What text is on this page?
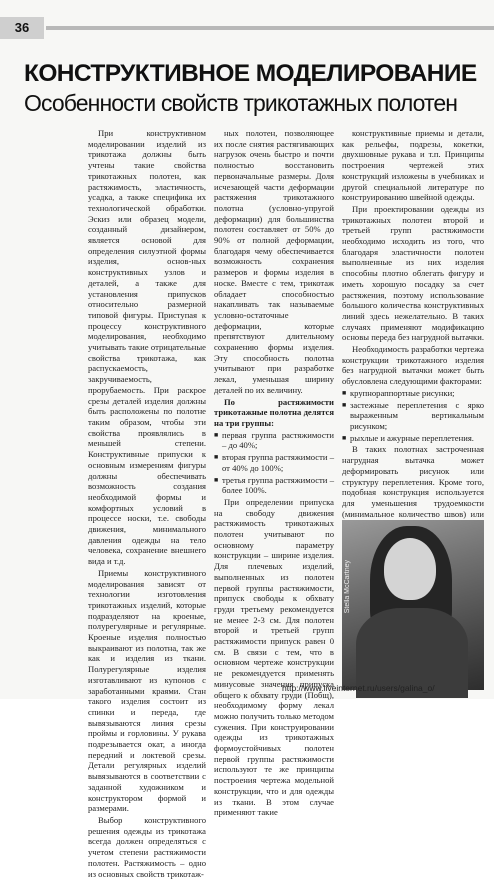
36
КОНСТРУКТИВНОЕ МОДЕЛИРОВАНИЕ
Особенности свойств трикотажных полотен

При конструктивном моделировании изделий из трикотажа должны быть учтены такие свойства трикотажных полотен, как растяжимость, эластичность, усадка, а также специфика их технологической обработки. Эскиз или образец модели, созданный дизайнером, является основой для определения силуэтной формы изделия, основ-ных конструктивных узлов и деталей, а также для установления припусков относительно размерной типовой фигуры. Приступая к процессу конструктивного моделирования, необходимо учитывать такие отрицательные свойства трикотажа, как распускаемость, закручиваемость, прорубаемость. При раскрое срезы деталей изделия должны быть расположены по полотне таким образом, чтобы эти свойства проявлялись в меньшей степени. Конструктивные припуски к основным измерениям фигуры должны обеспечивать возможность создания необходимой формы и комфортных условий в процессе носки, т.е. свободы движения, минимального давления одежды на тело человека, сохранение внешнего вида и т.д.

Приемы конструктивного моделирования зависят от технологии изготовления трикотажных изделий, которые подразделяют на кроеные, полурегулярные и регулярные. Кроеные изделия полностью выкраивают из полотна, так же как и изделия из ткани. Полурегулярные изделия изготавливают из купонов с заработанными краями. Стан такого изделия состоит из спинки и переда, где вывязываются линия срезы проймы и горловины. У рукава подрезывается окат, а иногда передний и локтевой срезы. Детали регулярных изделий вывязываются в соответствии с заданной художником и конструктором формой и размерами.

Выбор конструктивного решения одежды из трикотажа всегда должен определяться с учетом степени растяжимости полотен. Растяжимость – одно из основных свойств трикотаж-

ных полотен, позволяющее их после снятия растягивающих нагрузок очень быстро и почти полностью восстановить первоначальные размеры. Доля исчезающей части деформации растяжения трикотажного полотна (условно-упругой деформации) для большинства полотен составляет от 50% до 90% от полной деформации, благодаря чему обеспечивается возможность сохранения размеров и формы изделия в носке. Вместе с тем, трикотаж обладает способностью накапливать так называемые условно-остаточные деформации, которые препятствуют длительному сохранению формы изделия. Эту способность полотна учитывают при разработке лекал, уменьшая ширину деталей по их величину.

По растяжимости трикотажные полотна делятся на три группы:

■ первая группа растяжимости – до 40%;

■ вторая группа растяжимости – от 40% до 100%;

■ третья группа растяжимости – более 100%.

При определении припуска на свободу движения растяжимость трикотажных полотен учитывают по основному параметру конструкции – ширине изделия. Для плечевых изделий, выполненных из полотен первой группы растяжимости, припуск свободы к обхвату груди третьему рекомендуется не менее 2-3 см. Для полотен второй и третьей групп растяжимости припуск равен 0 см. В связи с тем, что в основном чертеже конструкции не рекомендуется применять минусовые значения припуска общего к обхвату груди (Побщ), необходимому форму лекал можно получить только методом сужения. При конструировании одежды из трикотажных формоустойчивых полотен первой группы растяжимости используют те же принципы построения чертежа модельной конструкции, что и для одежды из ткани. В этом случае применяют такие

конструктивные приемы и детали, как рельефы, подрезы, кокетки, двухшовные рукава и т.п. Принципы построения чертежей этих конструкций изложены в учебниках и другой специальной литературе по конструированию швейной одежды.

При проектировании одежды из трикотажных полотен второй и третьей групп растяжимости необходимо исходить из того, что благодаря эластичности полотен выполненные из них изделия способны плотно облегать фигуру и иметь хорошую посадку за счет растяжения, поэтому использование большого количества конструктивных линий здесь нежелательно. В таких случаях применяют модификацию основы переда без нагрудной вытачки.

Необходимость разработки чертежа конструкции трикотажного изделия без нагрудной вытачки может быть обусловлена следующими факторами:

■ крупнораппортные рисунки;

■ застежные переплетения с ярко выраженным вертикальным рисунком;

■ рыхлые и ажурные переплетения.

В таких полотнах застроченная нагрудная вытачка может деформировать рисунок или структуру переплетения. Кроме того, подобная конструкция используется для уменьшения трудоемкости (минимальное количество швов) или

Stella McCartney
http://www.liveinternet.ru/users/galina_o/
